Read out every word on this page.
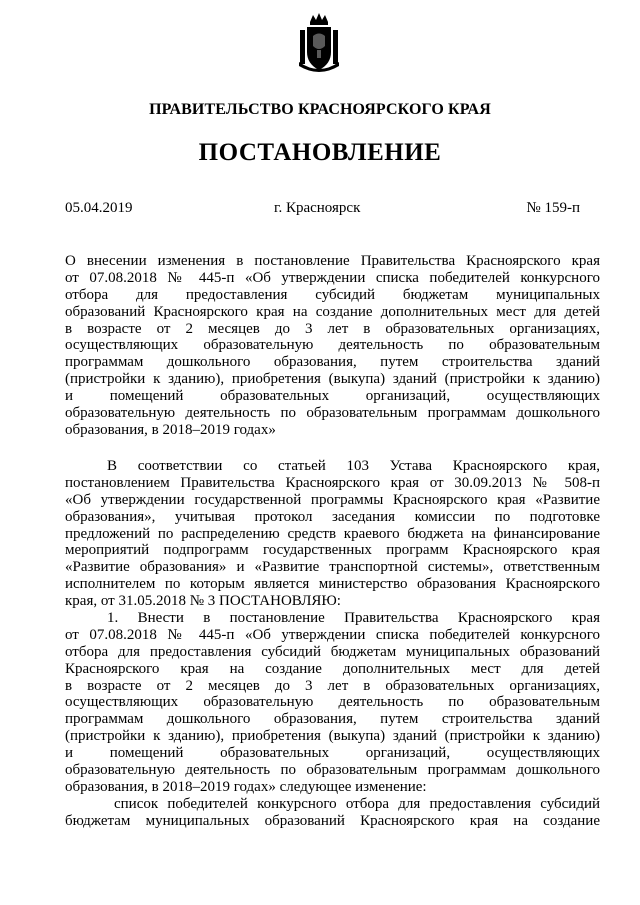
ПРАВИТЕЛЬСТВО КРАСНОЯРСКОГО КРАЯ
ПОСТАНОВЛЕНИЕ
05.04.2019	г. Красноярск	№ 159-п
О внесении изменения в постановление Правительства Красноярского края
от 07.08.2018 № 445-п «Об утверждении списка победителей конкурсного
отбора для предоставления субсидий бюджетам муниципальных
образований Красноярского края на создание дополнительных мест для детей
в возрасте от 2 месяцев до 3 лет в образовательных организациях,
осуществляющих образовательную деятельность по образовательным
программам дошкольного образования, путем строительства зданий
(пристройки к зданию), приобретения (выкупа) зданий (пристройки к зданию)
и помещений образовательных организаций, осуществляющих
образовательную деятельность по образовательным программам дошкольного
образования, в 2018–2019 годах»
В соответствии со статьей 103 Устава Красноярского края,
постановлением Правительства Красноярского края от 30.09.2013 № 508-п
«Об утверждении государственной программы Красноярского края «Развитие
образования», учитывая протокол заседания комиссии по подготовке
предложений по распределению средств краевого бюджета на финансирование
мероприятий подпрограмм государственных программ Красноярского края
«Развитие образования» и «Развитие транспортной системы», ответственным
исполнителем по которым является министерство образования Красноярского
края, от 31.05.2018 № 3 ПОСТАНОВЛЯЮ:
1. Внести в постановление Правительства Красноярского края
от 07.08.2018 № 445-п «Об утверждении списка победителей конкурсного
отбора для предоставления субсидий бюджетам муниципальных образований
Красноярского края на создание дополнительных мест для детей
в возрасте от 2 месяцев до 3 лет в образовательных организациях,
осуществляющих образовательную деятельность по образовательным
программам дошкольного образования, путем строительства зданий
(пристройки к зданию), приобретения (выкупа) зданий (пристройки к зданию)
и помещений образовательных организаций, осуществляющих
образовательную деятельность по образовательным программам дошкольного
образования, в 2018–2019 годах» следующее изменение:
список победителей конкурсного отбора для предоставления субсидий
бюджетам муниципальных образований Красноярского края на создание
